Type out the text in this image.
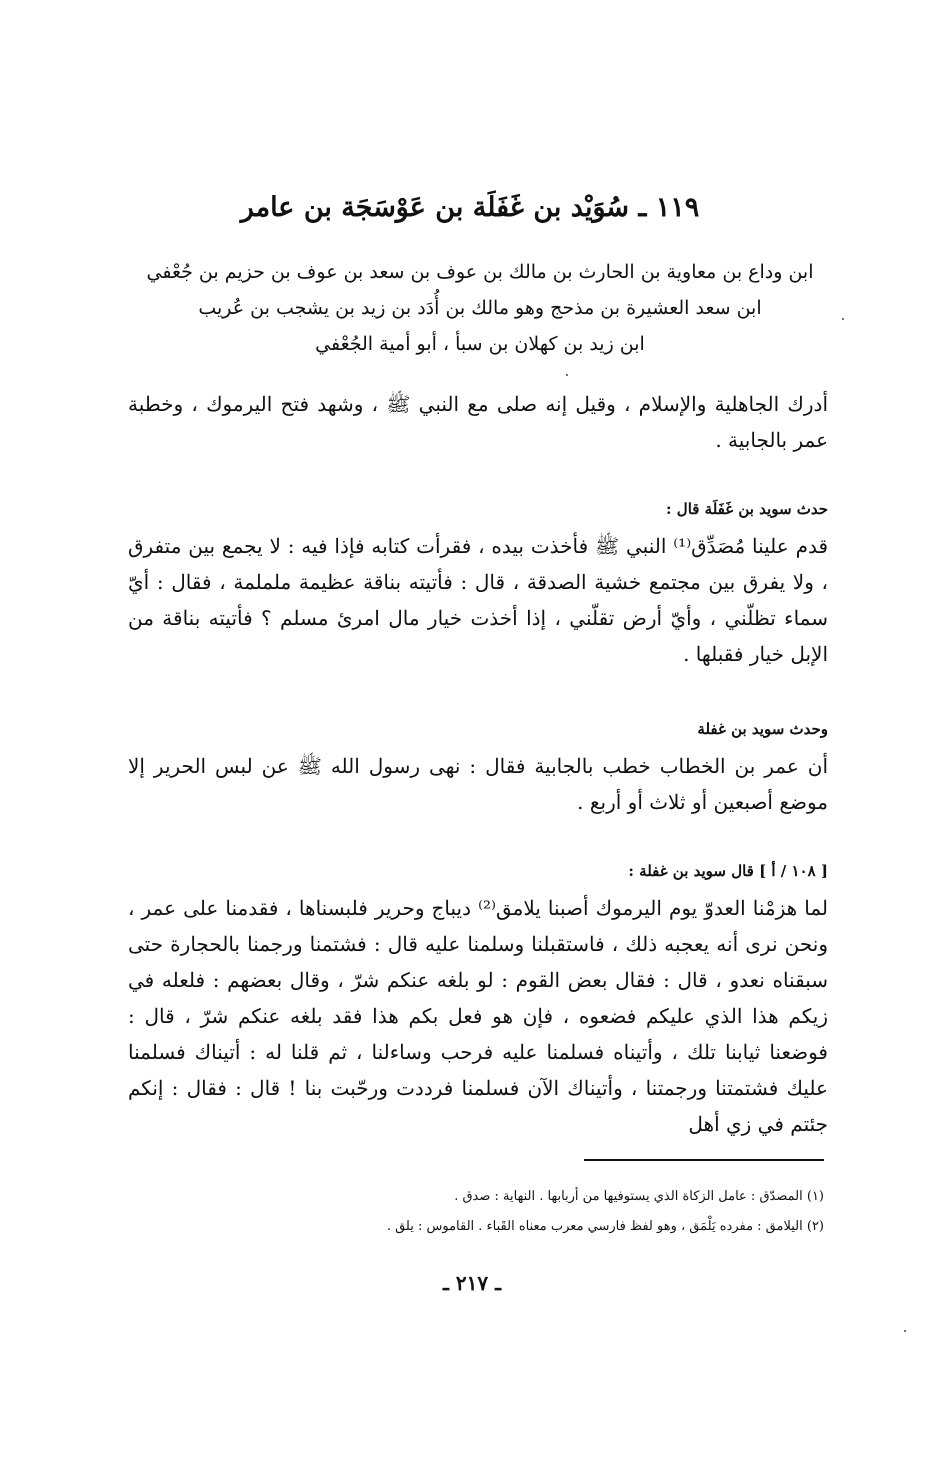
١١٩ ـ سُوَيْد بن غَفَلَة بن عَوْسَجَة بن عامر
ابن وداع بن معاوية بن الحارث بن مالك بن عوف بن سعد بن عوف بن حزيم بن جُعْفي
ابن سعد العشيرة بن مذحج وهو مالك بن أُدَد بن زيد بن يشجب بن عُريب
ابن زيد بن كهلان بن سبأ ، أبو أمية الجُعْفي
أدرك الجاهلية والإسلام ، وقيل إنه صلى مع النبي ﷺ ، وشهد فتح اليرموك ، وخطبة عمر بالجابية .
حدث سويد بن غَفَلَة قال :
قدم علينا مُصَدِّق⁽¹⁾ النبي ﷺ فأخذت بيده ، فقرأت كتابه فإذا فيه : لا يجمع بين متفرق ، ولا يفرق بين مجتمع خشية الصدقة ، قال : فأتيته بناقة عظيمة ململمة ، فقال : أيّ سماء تظلّني ، وأيّ أرض تقلّني ، إذا أخذت خيار مال امرئ مسلم ؟ فأتيته بناقة من الإبل خيار فقبلها .
وحدث سويد بن غفلة
أن عمر بن الخطاب خطب بالجابية فقال : نهى رسول الله ﷺ عن لبس الحرير إلا موضع أصبعين أو ثلاث أو أربع .
[ ١٠٨ / أ ] قال سويد بن غفلة :
لما هزمْنا العدوّ يوم اليرموك أصبنا يلامق⁽²⁾ ديباج وحرير فلبسناها ، فقدمنا على عمر ، ونحن نرى أنه يعجبه ذلك ، فاستقبلنا وسلمنا عليه قال : فشتمنا ورجمنا بالحجارة حتى سبقناه نعدو ، قال : فقال بعض القوم : لو بلغه عنكم شرّ ، وقال بعضهم : فلعله في زيكم هذا الذي عليكم فضعوه ، فإن هو فعل بكم هذا فقد بلغه عنكم شرّ ، قال : فوضعنا ثيابنا تلك ، وأتيناه فسلمنا عليه فرحب وساءلنا ، ثم قلنا له : أتيناك فسلمنا عليك فشتمتنا ورجمتنا ، وأتيناك الآن فسلمنا فرددت ورحّبت بنا ! قال : فقال : إنكم جئتم في زي أهل
(١) المصدّق : عامل الزكاة الذي يستوفيها من أربابها . النهاية : صدق .
(٢) اليلامق : مفرده يَلْمَق ، وهو لفظ فارسي معرب معناه القَباء . القاموس : يلق .
ـ ٢١٧ ـ
